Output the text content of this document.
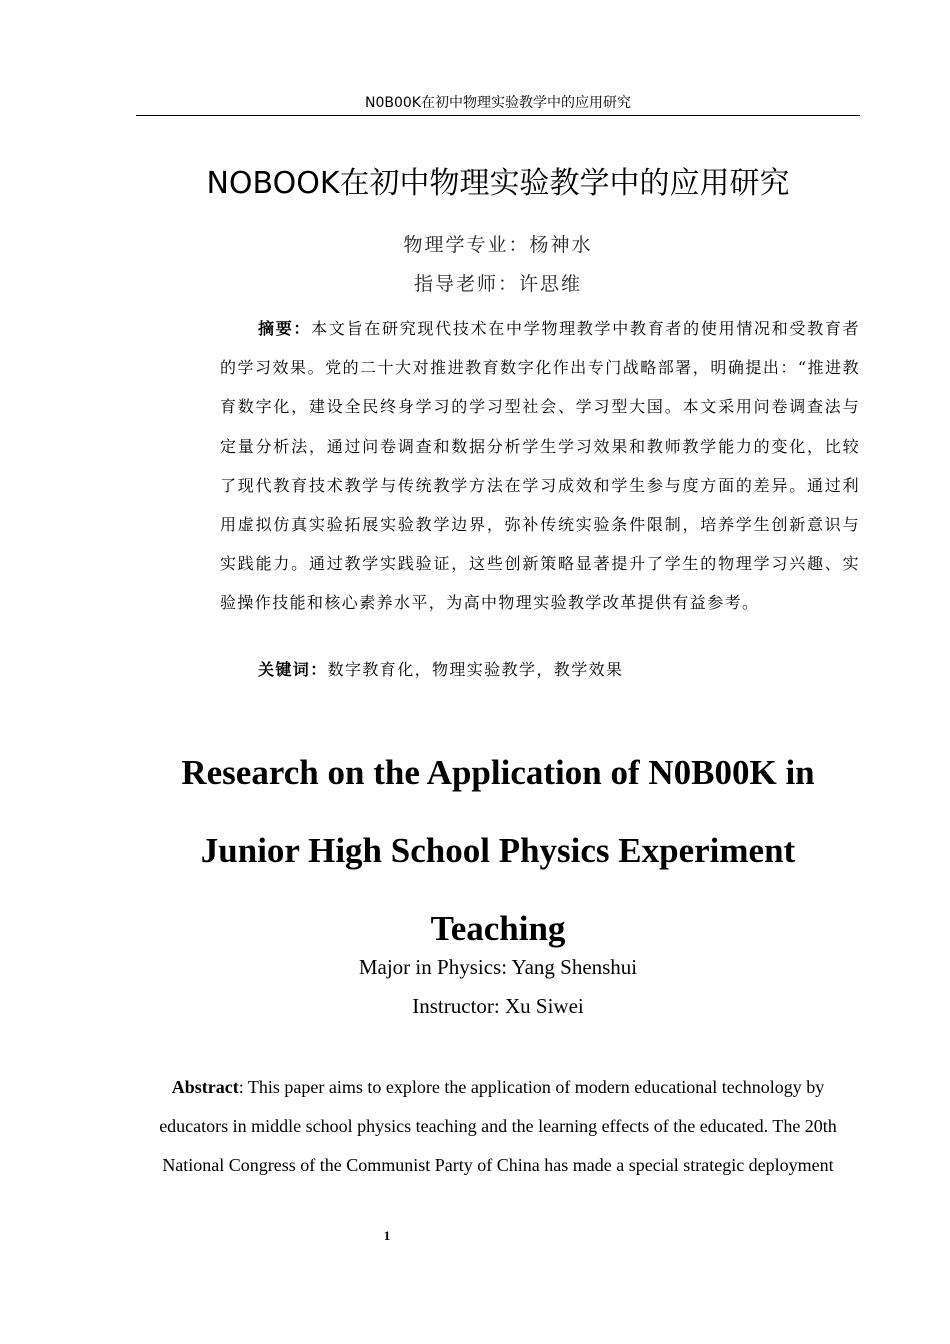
N0B00K在初中物理实验教学中的应用研究
NOBOOK在初中物理实验教学中的应用研究
物理学专业：杨神水
指导老师：许思维

摘要：本文旨在研究现代技术在中学物理教学中教育者的使用情况和受教育者的学习效果。党的二十大对推进教育数字化作出专门战略部署，明确提出：“推进教育数字化，建设全民终身学习的学习型社会、学习型大国。本文采用问卷调查法与定量分析法，通过问卷调查和数据分析学生学习效果和教师教学能力的变化，比较了现代教育技术教学与传统教学方法在学习成效和学生参与度方面的差异。通过利用虚拟仿真实验拓展实验教学边界，弥补传统实验条件限制，培养学生创新意识与实践能力。通过教学实践验证，这些创新策略显著提升了学生的物理学习兴趣、实验操作技能和核心素养水平，为高中物理实验教学改革提供有益参考。

关键词：数字教育化，物理实验教学，教学效果

Research on the Application of N0B00K in
Junior High School Physics Experiment
Teaching
Major in Physics: Yang Shenshui
Instructor: Xu Siwei

Abstract: This paper aims to explore the application of modern educational technology by educators in middle school physics teaching and the learning effects of the educated. The 20th National Congress of the Communist Party of China has made a special strategic deployment

1
